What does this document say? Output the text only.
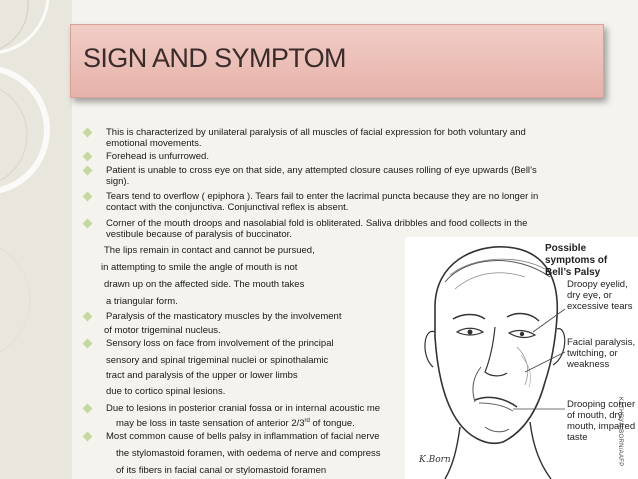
SIGN AND SYMPTOM
This is characterized by unilateral paralysis of all muscles of facial expression for both voluntary and
emotional movements.
Forehead is unfurrowed.
Patient is unable to cross eye on that side, any attempted closure causes rolling of eye upwards (Bell’s
sign).
Tears tend to overflow ( epiphora ). Tears fail to enter the lacrimal puncta because they are no longer in
contact with the conjunctiva. Conjunctival reflex is absent.
Corner of the mouth droops and nasolabial fold is obliterated. Saliva dribbles and food collects in the
vestibule because of paralysis of buccinator.
The lips remain in contact and cannot be pursued,
in attempting to smile the angle of mouth is not
drawn up on the affected side. The mouth takes
a triangular form.
Paralysis of the masticatory muscles by the involvement
of motor trigeminal nucleus.
Sensory loss on face from involvement of the principal
sensory and spinal trigeminal nuclei or spinothalamic
tract and paralysis of the upper or lower limbs
due to cortico spinal lesions.
Due to lesions in posterior cranial fossa or in internal acoustic me
may be loss in taste sensation of anterior 2/3rd of tongue.
Most common cause of bells palsy in inflammation of facial nerve
the stylomastoid foramen, with oedema of nerve and compress
of its fibers in facial canal or stylomastoid foramen
Possible symptoms of Bell’s Palsy
Droopy eyelid, dry eye, or excessive tears
Facial paralysis, twitching, or weakness
Drooping corner of mouth, dry mouth, impaired taste	KATHRYN BORN/AAFP
K.Born
